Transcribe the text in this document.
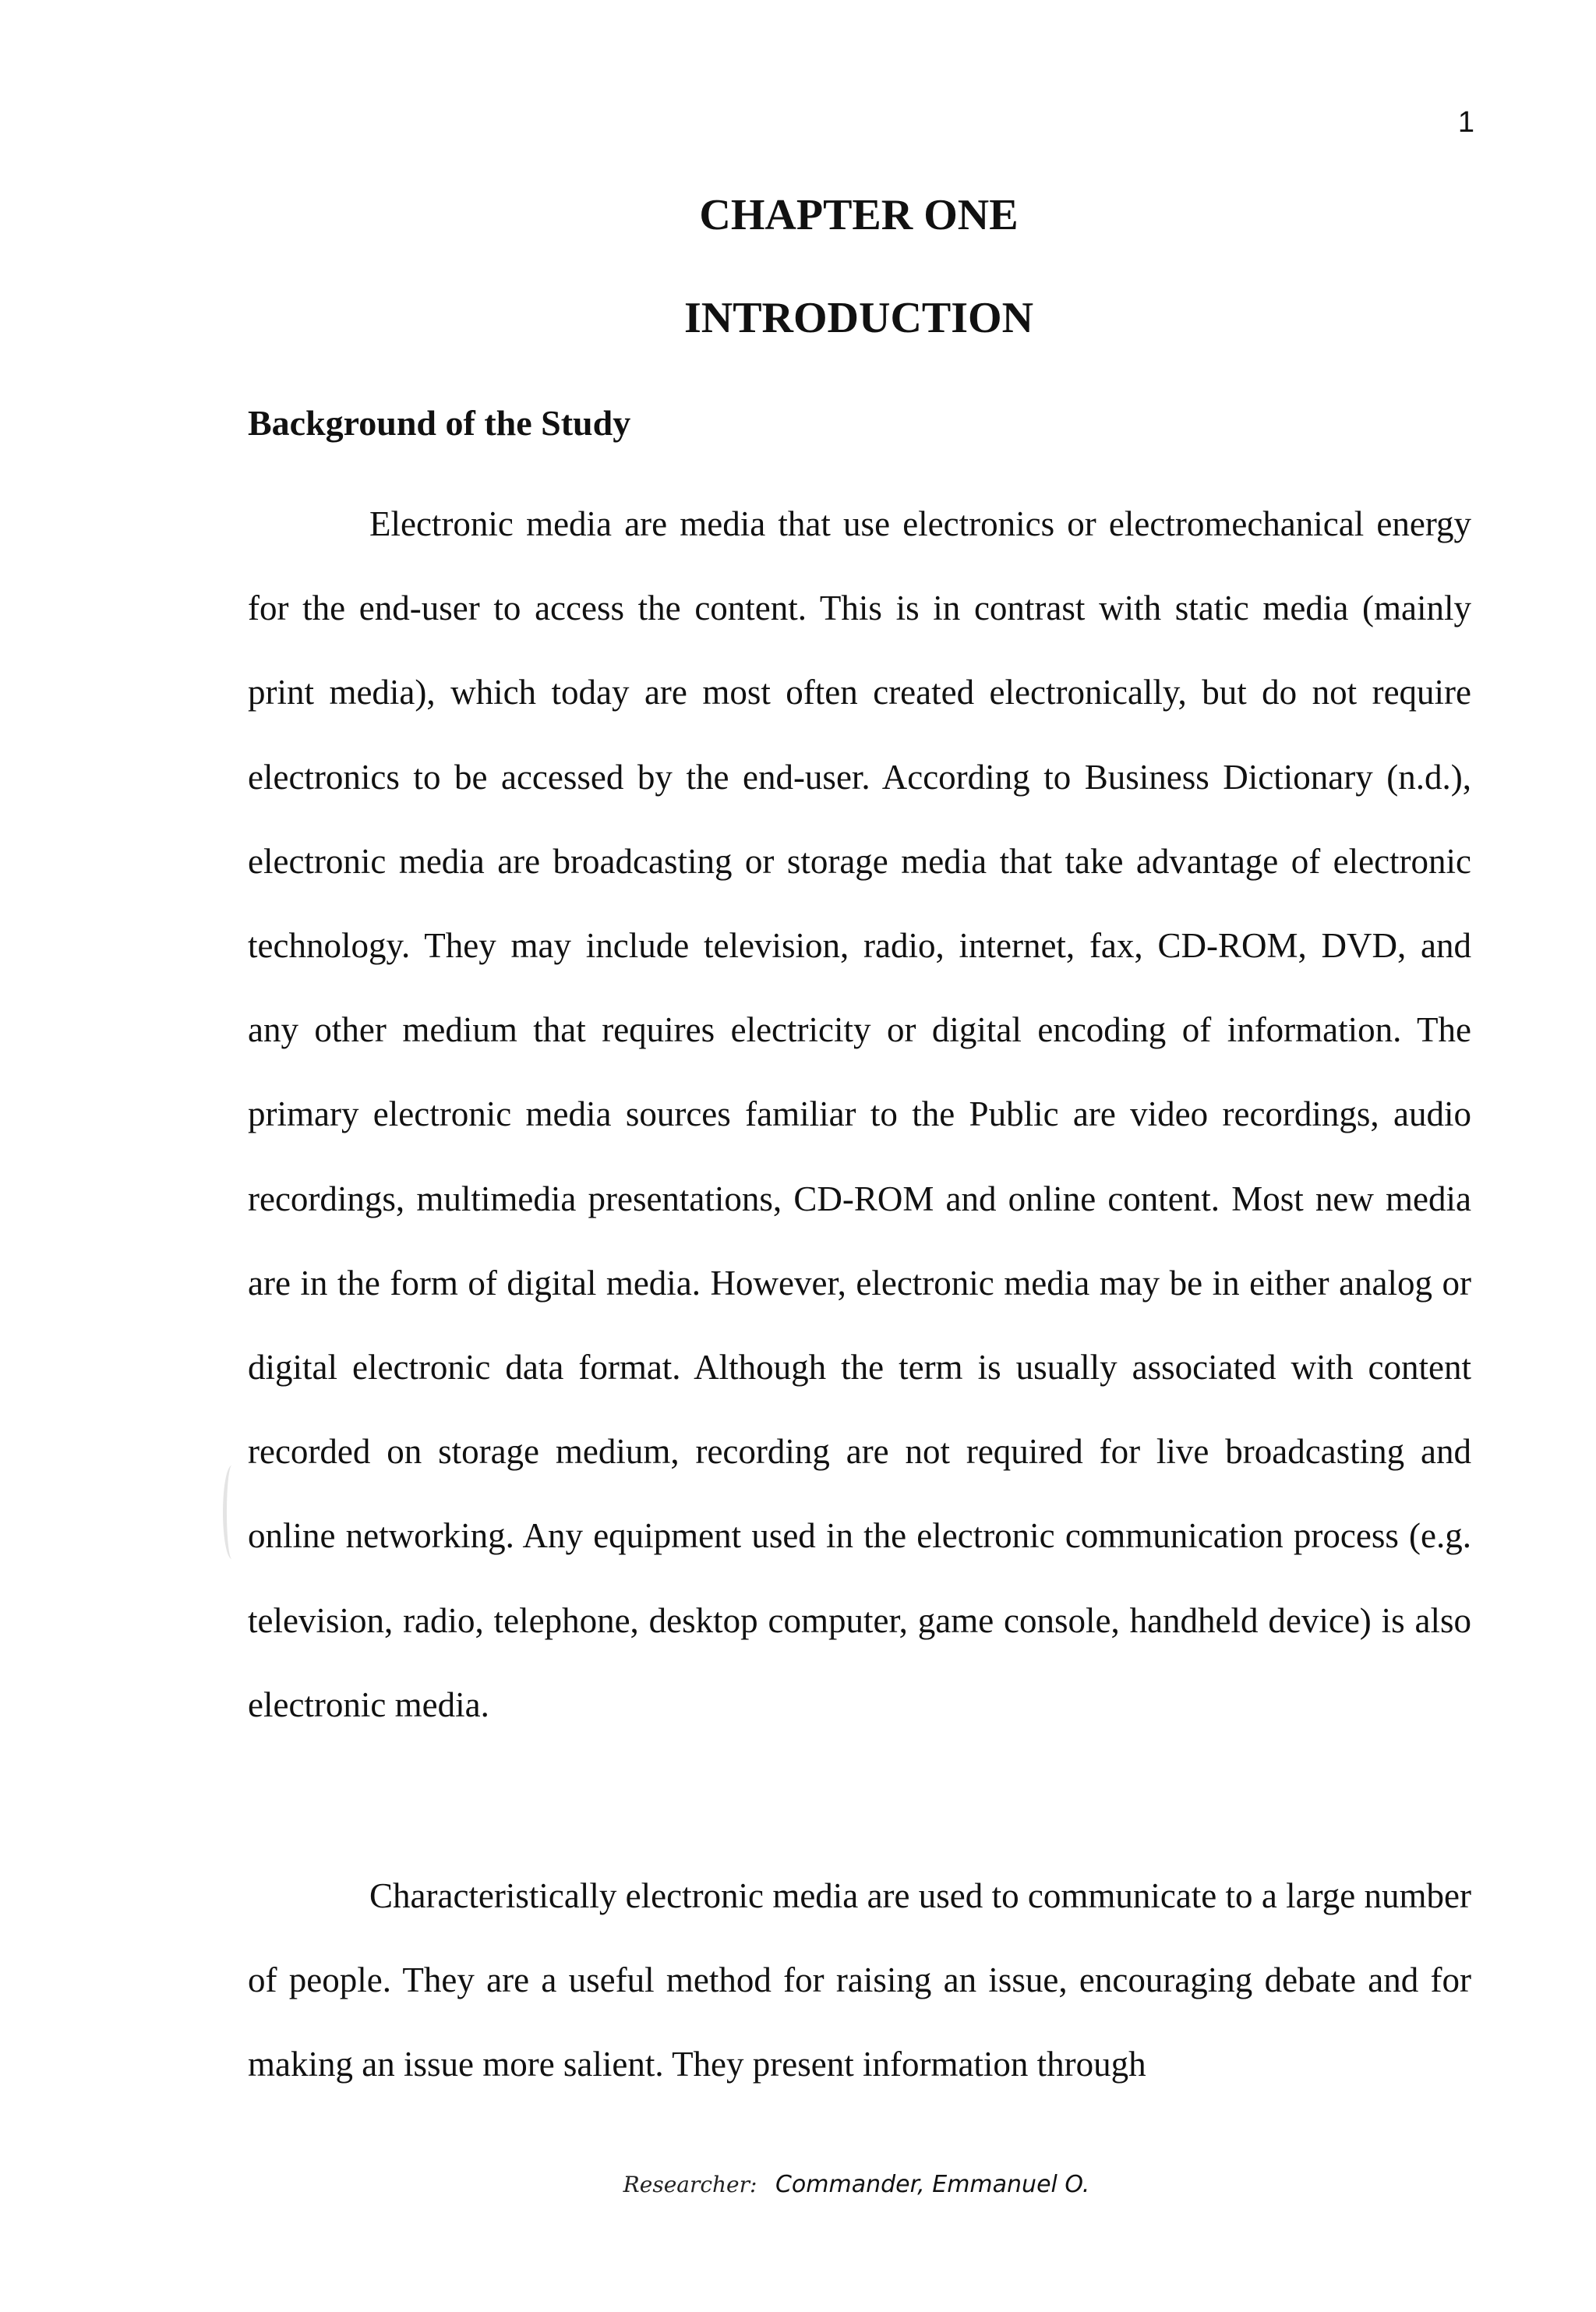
1
CHAPTER ONE
INTRODUCTION
Background of the Study

Electronic media are media that use electronics or electromechanical energy for the end-user to access the content. This is in contrast with static media (mainly print media), which today are most often created electronically, but do not require electronics to be accessed by the end-user. According to Business Dictionary (n.d.), electronic media are broadcasting or storage media that take advantage of electronic technology. They may include television, radio, internet, fax, CD-ROM, DVD, and any other medium that requires electricity or digital encoding of information. The primary electronic media sources familiar to the Public are video recordings, audio recordings, multimedia presentations, CD-ROM and online content. Most new media are in the form of digital media. However, electronic media may be in either analog or digital electronic data format. Although the term is usually associated with content recorded on storage medium, recording are not required for live broadcasting and online networking. Any equipment used in the electronic communication process (e.g. television, radio, telephone, desktop computer, game console, handheld device) is also electronic media.

Characteristically electronic media are used to communicate to a large number of people. They are a useful method for raising an issue, encouraging debate and for making an issue more salient. They present information through

Researcher: Commander, Emmanuel O.
